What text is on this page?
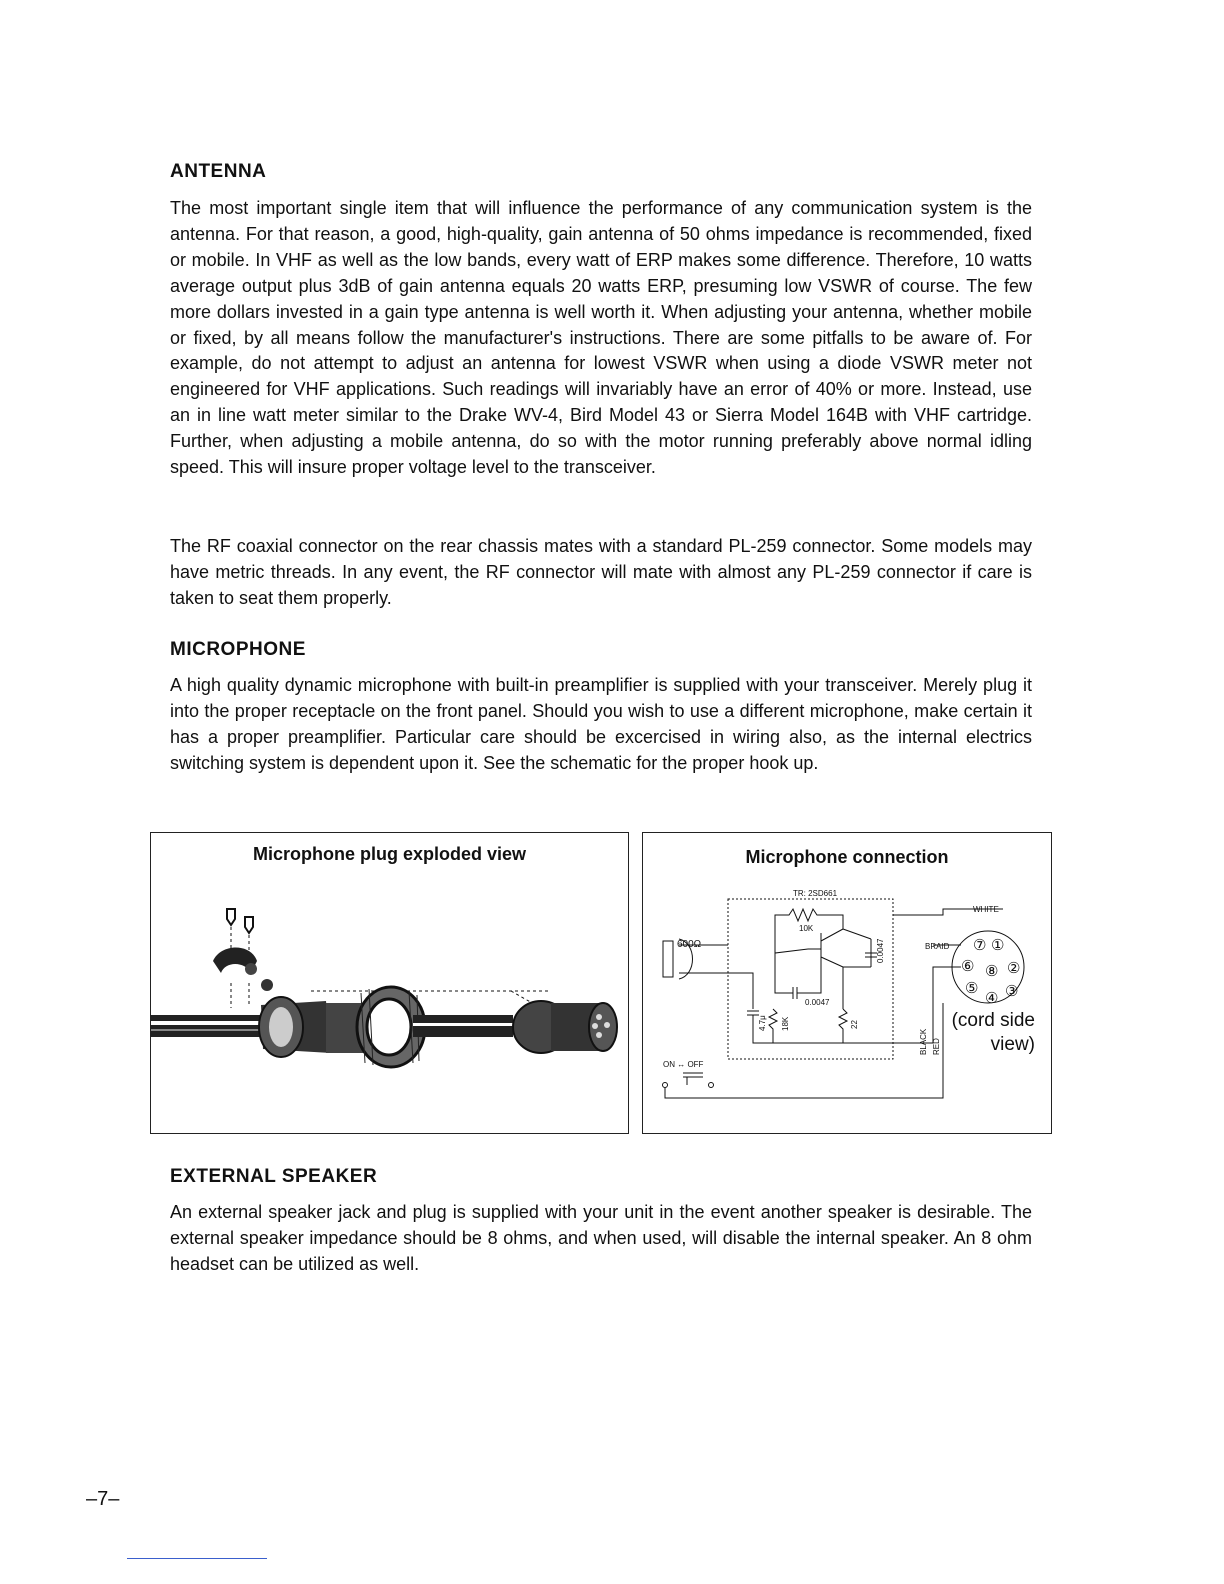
ANTENNA

The most important single item that will influence the performance of any communication system is the antenna. For that reason, a good, high-quality, gain antenna of 50 ohms impedance is recommended, fixed or mobile. In VHF as well as the low bands, every watt of ERP makes some difference. Therefore, 10 watts average output plus 3dB of gain antenna equals 20 watts ERP, presuming low VSWR of course. The few more dollars invested in a gain type antenna is well worth it. When adjusting your antenna, whether mobile or fixed, by all means follow the manufacturer's instructions. There are some pitfalls to be aware of. For example, do not attempt to adjust an antenna for lowest VSWR when using a diode VSWR meter not engineered for VHF applications. Such readings will invariably have an error of 40% or more. Instead, use an in line watt meter similar to the Drake WV-4, Bird Model 43 or Sierra Model 164B with VHF cartridge. Further, when adjusting a mobile antenna, do so with the motor running preferably above normal idling speed. This will insure proper voltage level to the transceiver.

The RF coaxial connector on the rear chassis mates with a standard PL-259 connector. Some models may have metric threads. In any event, the RF connector will mate with almost any PL-259 connector if care is taken to seat them properly.

MICROPHONE

A high quality dynamic microphone with built-in preamplifier is supplied with your transceiver. Merely plug it into the proper receptacle on the front panel. Should you wish to use a different microphone, make certain it has a proper preamplifier. Particular care should be excercised in wiring also, as the internal electrics switching system is dependent upon it. See the schematic for the proper hook up.

Microphone plug exploded view	Microphone connection
TR: 2SD661
10K
600Ω	0.0047
0.0047
4.7μ 18K	22
ON ↔ OFF
WHITE
BRAID
BLACK RED
①
②
③
④
⑤
⑥
⑦
⑧
(cord side
view)
EXTERNAL SPEAKER

An external speaker jack and plug is supplied with your unit in the event another speaker is desirable. The external speaker impedance should be 8 ohms, and when used, will disable the internal speaker. An 8 ohm headset can be utilized as well.

–7–
